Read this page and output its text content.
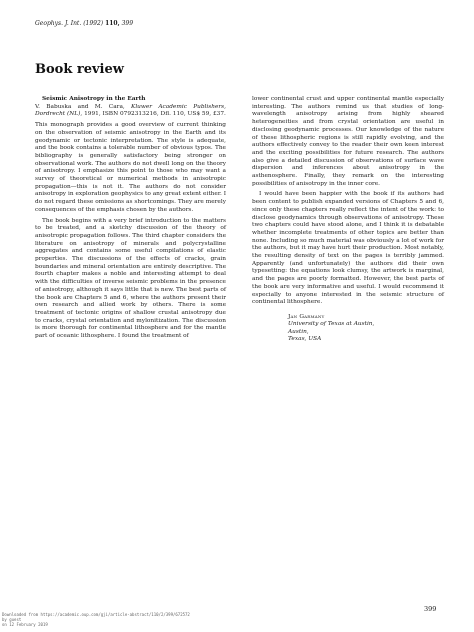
Geophys. J. Int. (1992) 110, 399
Book review

Seismic Anisotropy in the Earth
V. Babuska and M. Cara, Kluwer Academic Publishers, Dordrecht (NL), 1991, ISBN 0792313216, Dfl. 110, US$ 59, £37.

This monograph provides a good overview of current thinking on the observation of seismic anisotropy in the Earth and its geodynamic or tectonic interpretation. The style is adequate, and the book contains a tolerable number of obvious typos. The bibliography is generally satisfactory being stronger on observational work. The authors do not dwell long on the theory of anisotropy. I emphasize this point to those who may want a survey of theoretical or numerical methods in anisotropic propagation—this is not it. The authors do not consider anisotropy in exploration geophysics to any great extent either. I do not regard these omissions as shortcomings. They are merely consequences of the emphasis chosen by the authors.

The book begins with a very brief introduction to the matters to be treated, and a sketchy discussion of the theory of anisotropic propagation follows. The third chapter considers the literature on anisotropy of minerals and polycrystalline aggregates and contains some useful compilations of elastic properties. The discussions of the effects of cracks, grain boundaries and mineral orientation are entirely descriptive. The fourth chapter makes a noble and interesting attempt to deal with the difficulties of inverse seismic problems in the presence of anisotropy, although it says little that is new. The best parts of the book are Chapters 5 and 6, where the authors present their own research and allied work by others. There is some treatment of tectonic origins of shallow crustal anisotropy due to cracks, crystal orientation and mylonitization. The discussion is more thorough for continental lithosphere and for the mantle part of oceanic lithosphere. I found the treatment of

lower continental crust and upper continental mantle especially interesting. The authors remind us that studies of long-wavelength anisotropy arising from highly sheared heterogeneities and from crystal orientation are useful in disclosing geodynamic processes. Our knowledge of the nature of these lithospheric regions is still rapidly evolving, and the authors effectively convey to the reader their own keen interest and the exciting possibilities for future research. The authors also give a detailed discussion of observations of surface wave dispersion and inferences about anisotropy in the asthenosphere. Finally, they remark on the interesting possibilities of anisotropy in the inner core.

I would have been happier with the book if its authors had been content to publish expanded versions of Chapters 5 and 6, since only these chapters really reflect the intent of the work: to disclose geodynamics through observations of anisotropy. These two chapters could have stood alone, and I think it is debatable whether incomplete treatments of other topics are better than none. Including so much material was obviously a lot of work for the authors, but it may have hurt their production. Most notably, the resulting density of text on the pages is terribly jammed. Apparently (and unfortunately) the authors did their own typesetting: the equations look clumsy, the artwork is marginal, and the pages are poorly formatted. However, the best parts of the book are very informative and useful. I would recommend it especially to anyone interested in the seismic structure of continental lithosphere.

Jan Garmany
University of Texas at Austin,
Austin,
Texas, USA
399
Downloaded from https://academic.oup.com/gji/article-abstract/110/2/399/672572
by guest
on 12 February 2019
